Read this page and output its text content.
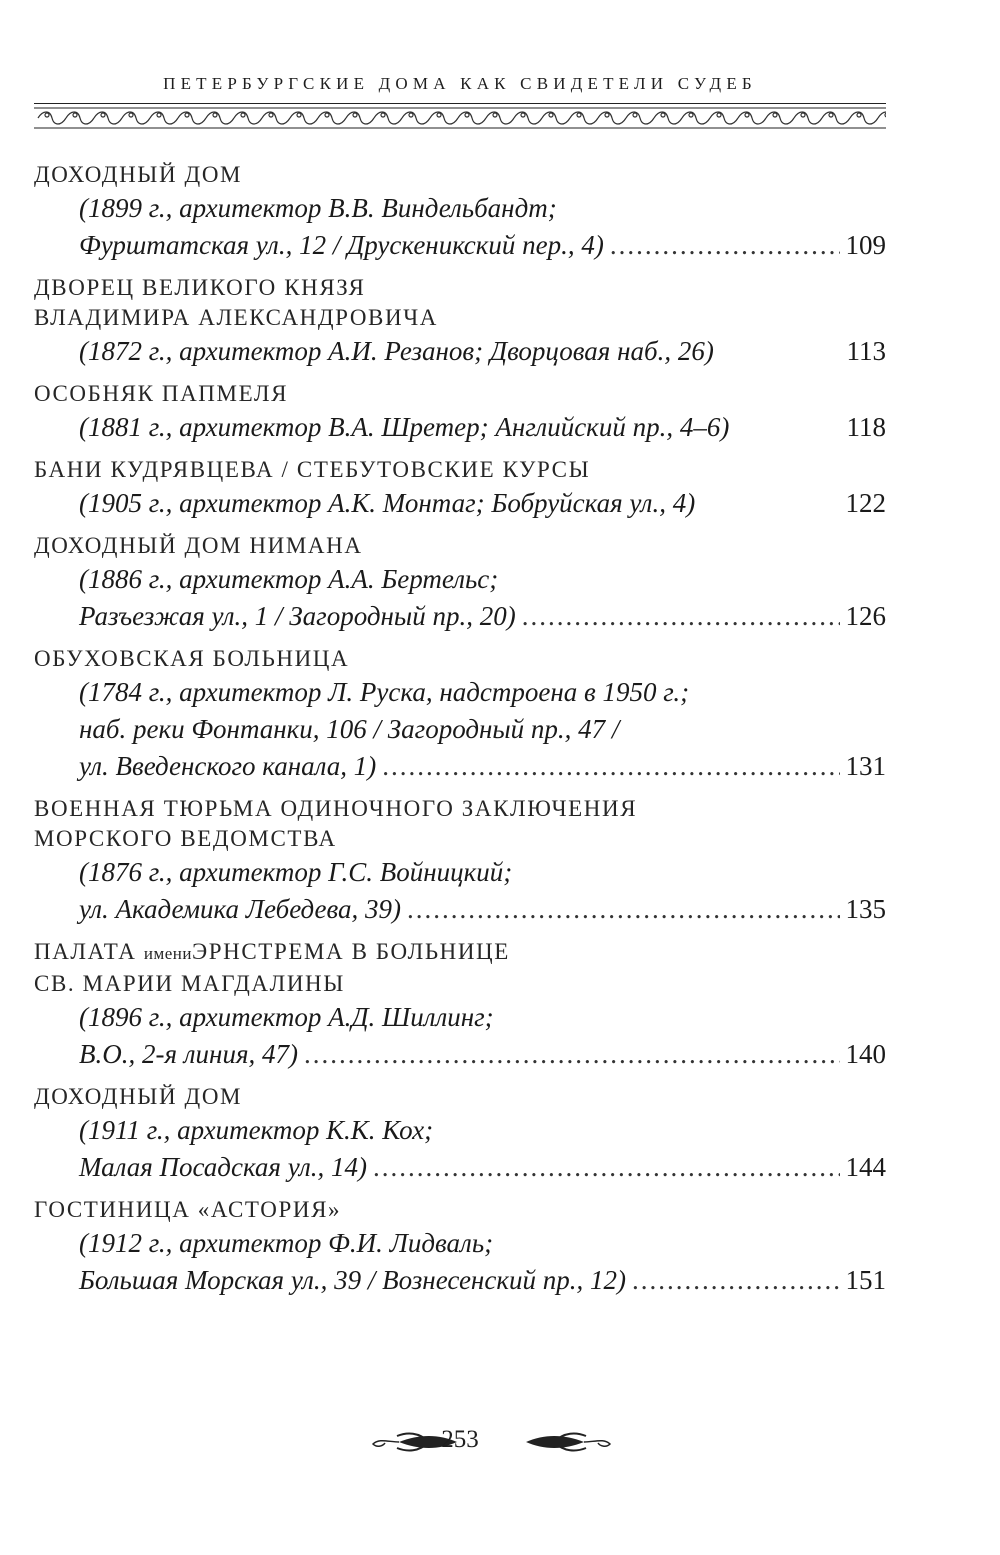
ПЕТЕРБУРГСКИЕ ДОМА КАК СВИДЕТЕЛИ СУДЕБ
ДОХОДНЫЙ ДОМ
(1899 г., архитектор В.В. Виндельбандт;
Фурштатская ул., 12 / Друскеникский пер., 4) .....	109
ДВОРЕЦ ВЕЛИКОГО КНЯЗЯ
ВЛАДИМИРА АЛЕКСАНДРОВИЧА
(1872 г., архитектор А.И. Резанов; Дворцовая наб., 26)	113
ОСОБНЯК ПАПМЕЛЯ
(1881 г., архитектор В.А. Шретер; Английский пр., 4–6)	118
БАНИ КУДРЯВЦЕВА / СТЕБУТОВСКИЕ КУРСЫ
(1905 г., архитектор А.К. Монтаг; Бобруйская ул., 4)	122
ДОХОДНЫЙ ДОМ НИМАНА
(1886 г., архитектор А.А. Бертельс;
Разъезжая ул., 1 / Загородный пр., 20) .....	126
ОБУХОВСКАЯ БОЛЬНИЦА
(1784 г., архитектор Л. Руска, надстроена в 1950 г.;
наб. реки Фонтанки, 106 / Загородный пр., 47 /
ул. Введенского канала, 1) .....	131
ВОЕННАЯ ТЮРЬМА ОДИНОЧНОГО ЗАКЛЮЧЕНИЯ
МОРСКОГО ВЕДОМСТВА
(1876 г., архитектор Г.С. Войницкий;
ул. Академика Лебедева, 39) .....	135
ПАЛАТА имениЭРНСТРЕМА В БОЛЬНИЦЕ
СВ. МАРИИ МАГДАЛИНЫ
(1896 г., архитектор А.Д. Шиллинг;
В.О., 2-я линия, 47) .....	140
ДОХОДНЫЙ ДОМ
(1911 г., архитектор К.К. Кох;
Малая Посадская ул., 14) .....	144
ГОСТИНИЦА «АСТОРИЯ»
(1912 г., архитектор Ф.И. Лидваль;
Большая Морская ул., 39 / Вознесенский пр., 12) .....	151
253
